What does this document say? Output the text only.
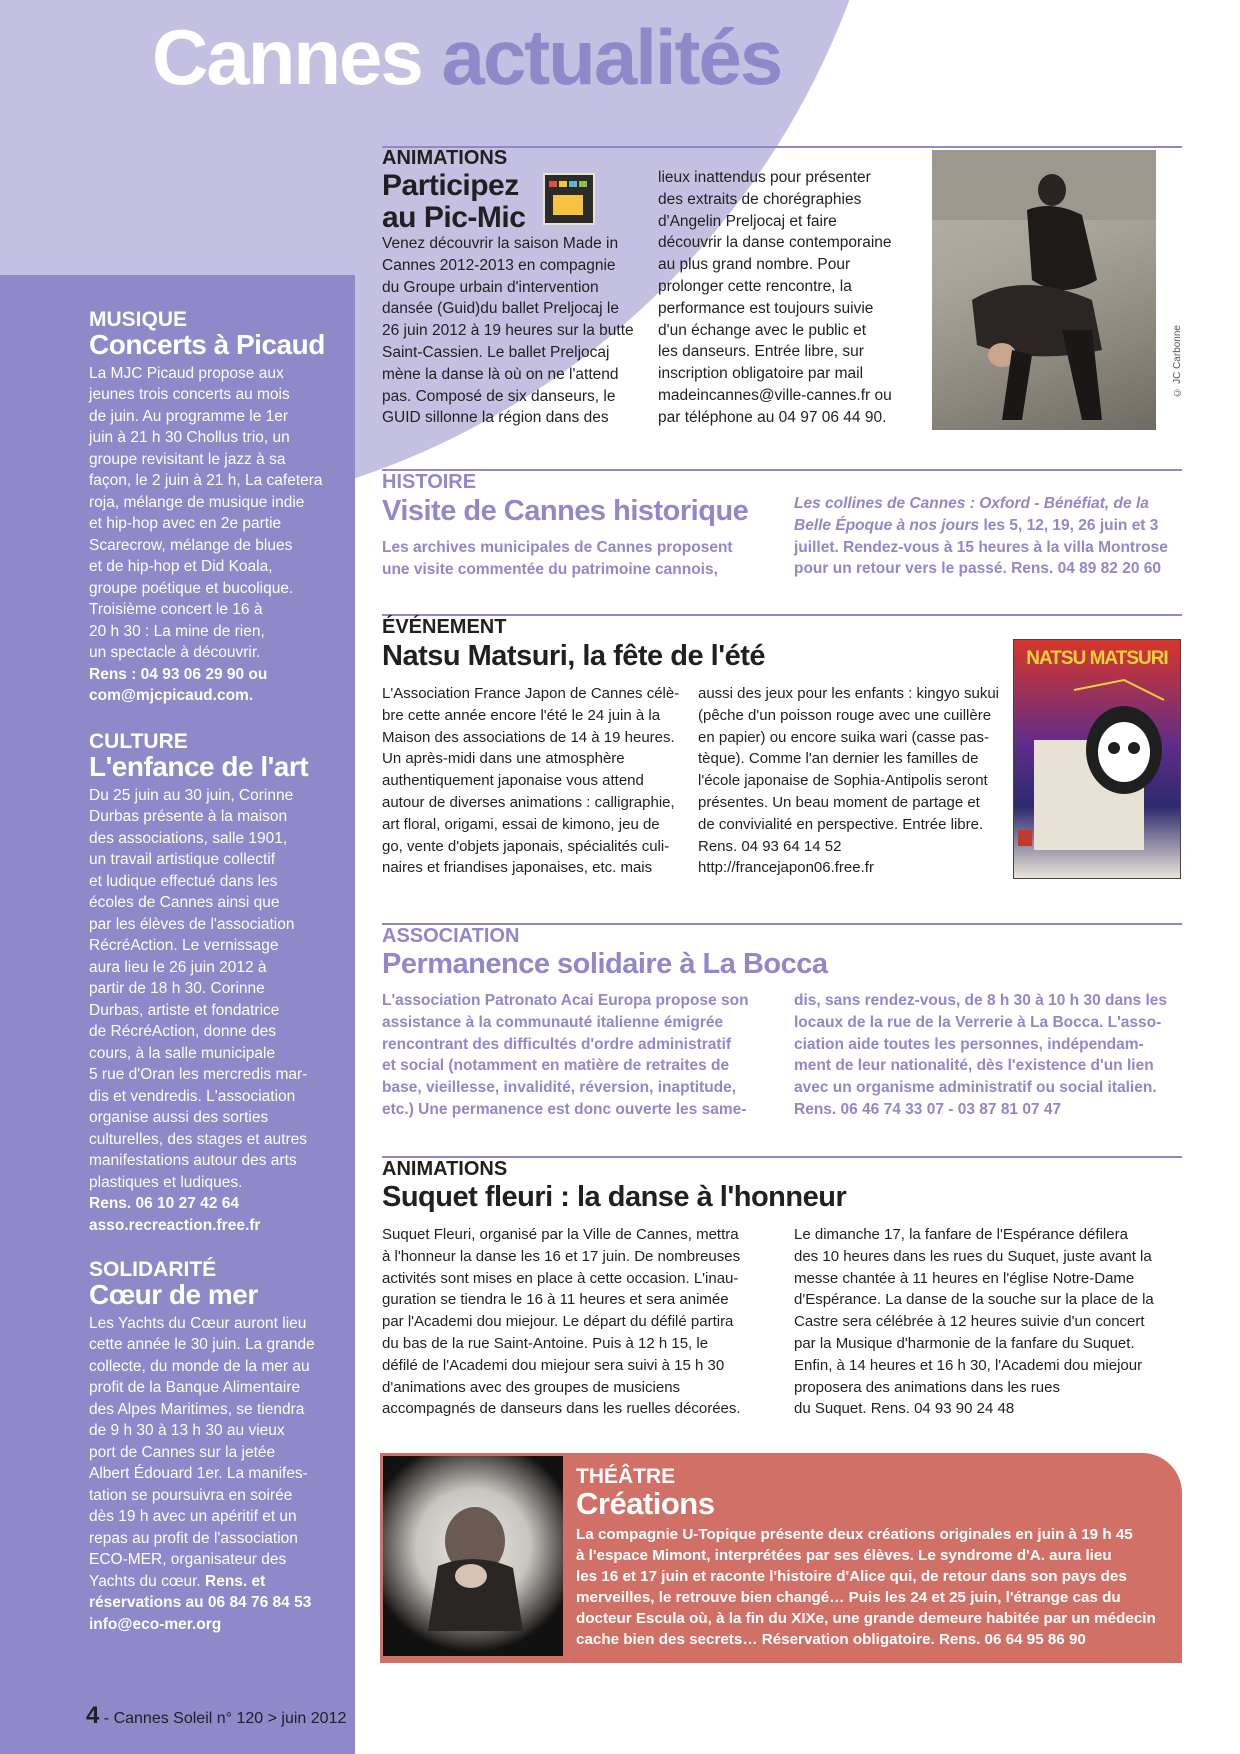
Cannes actualités
MUSIQUE
Concerts à Picaud
La MJC Picaud propose aux
jeunes trois concerts au mois
de juin. Au programme le 1er
juin à 21 h 30 Chollus trio, un
groupe revisitant le jazz à sa
façon, le 2 juin à 21 h, La cafetera
roja, mélange de musique indie
et hip-hop avec en 2e partie
Scarecrow, mélange de blues
et de hip-hop et Did Koala,
groupe poétique et bucolique.
Troisième concert le 16 à
20 h 30 : La mine de rien,
un spectacle à découvrir.
Rens : 04 93 06 29 90 ou
com@mjcpicaud.com.
CULTURE
L'enfance de l'art
Du 25 juin au 30 juin, Corinne
Durbas présente à la maison
des associations, salle 1901,
un travail artistique collectif
et ludique effectué dans les
écoles de Cannes ainsi que
par les élèves de l'association
RécréAction. Le vernissage
aura lieu le 26 juin 2012 à
partir de 18 h 30. Corinne
Durbas, artiste et fondatrice
de RécréAction, donne des
cours, à la salle municipale
5 rue d'Oran les mercredis mar-
dis et vendredis. L'association
organise aussi des sorties
culturelles, des stages et autres
manifestations autour des arts
plastiques et ludiques.
Rens. 06 10 27 42 64
asso.recreaction.free.fr
SOLIDARITÉ
Cœur de mer
Les Yachts du Cœur auront lieu
cette année le 30 juin. La grande
collecte, du monde de la mer au
profit de la Banque Alimentaire
des Alpes Maritimes, se tiendra
de 9 h 30 à 13 h 30 au vieux
port de Cannes sur la jetée
Albert Édouard 1er. La manifes-
tation se poursuivra en soirée
dès 19 h avec un apéritif et un
repas au profit de l'association
ECO-MER, organisateur des
Yachts du cœur. Rens. et
réservations au 06 84 76 84 53
info@eco-mer.org
ANIMATIONS
Participez
au Pic-Mic
Venez découvrir la saison Made in
Cannes 2012-2013 en compagnie
du Groupe urbain d'intervention
dansée (Guid)du ballet Preljocaj le
26 juin 2012 à 19 heures sur la butte
Saint-Cassien. Le ballet Preljocaj
mène la danse là où on ne l'attend
pas. Composé de six danseurs, le
GUID sillonne la région dans des
lieux inattendus pour présenter
des extraits de chorégraphies
d'Angelin Preljocaj et faire
découvrir la danse contemporaine
au plus grand nombre. Pour
prolonger cette rencontre, la
performance est toujours suivie
d'un échange avec le public et
les danseurs. Entrée libre, sur
inscription obligatoire par mail
madeincannes@ville-cannes.fr ou
par téléphone au 04 97 06 44 90.
© JC Carbonne
HISTOIRE
Visite de Cannes historique
Les archives municipales de Cannes proposent
une visite commentée du patrimoine cannois,
Les collines de Cannes : Oxford - Bénéfiat, de la
Belle Époque à nos jours les 5, 12, 19, 26 juin et 3
juillet. Rendez-vous à 15 heures à la villa Montrose
pour un retour vers le passé. Rens. 04 89 82 20 60
ÉVÉNEMENT
Natsu Matsuri, la fête de l'été
L'Association France Japon de Cannes célè-
bre cette année encore l'été le 24 juin à la
Maison des associations de 14 à 19 heures.
Un après-midi dans une atmosphère
authentiquement japonaise vous attend
autour de diverses animations : calligraphie,
art floral, origami, essai de kimono, jeu de
go, vente d'objets japonais, spécialités culi-
naires et friandises japonaises, etc. mais
aussi des jeux pour les enfants : kingyo sukui
(pêche d'un poisson rouge avec une cuillère
en papier) ou encore suika wari (casse pas-
tèque). Comme l'an dernier les familles de
l'école japonaise de Sophia-Antipolis seront
présentes. Un beau moment de partage et
de convivialité en perspective. Entrée libre.
Rens. 04 93 64 14 52
http://francejapon06.free.fr
NATSU MATSURI
ASSOCIATION
Permanence solidaire à La Bocca
L'association Patronato Acai Europa propose son
assistance à la communauté italienne émigrée
rencontrant des difficultés d'ordre administratif
et social (notamment en matière de retraites de
base, vieillesse, invalidité, réversion, inaptitude,
etc.) Une permanence est donc ouverte les same-
dis, sans rendez-vous, de 8 h 30 à 10 h 30 dans les
locaux de la rue de la Verrerie à La Bocca. L'asso-
ciation aide toutes les personnes, indépendam-
ment de leur nationalité, dès l'existence d'un lien
avec un organisme administratif ou social italien.
Rens. 06 46 74 33 07 - 03 87 81 07 47
ANIMATIONS
Suquet fleuri : la danse à l'honneur
Suquet Fleuri, organisé par la Ville de Cannes, mettra
à l'honneur la danse les 16 et 17 juin. De nombreuses
activités sont mises en place à cette occasion. L'inau-
guration se tiendra le 16 à 11 heures et sera animée
par l'Academi dou miejour. Le départ du défilé partira
du bas de la rue Saint-Antoine. Puis à 12 h 15, le
défilé de l'Academi dou miejour sera suivi à 15 h 30
d'animations avec des groupes de musiciens
accompagnés de danseurs dans les ruelles décorées.
Le dimanche 17, la fanfare de l'Espérance défilera
des 10 heures dans les rues du Suquet, juste avant la
messe chantée à 11 heures en l'église Notre-Dame
d'Espérance. La danse de la souche sur la place de la
Castre sera célébrée à 12 heures suivie d'un concert
par la Musique d'harmonie de la fanfare du Suquet.
Enfin, à 14 heures et 16 h 30, l'Academi dou miejour
proposera des animations dans les rues
du Suquet. Rens. 04 93 90 24 48
THÉÂTRE
Créations
La compagnie U-Topique présente deux créations originales en juin à 19 h 45
à l'espace Mimont, interprétées par ses élèves. Le syndrome d'A. aura lieu
les 16 et 17 juin et raconte l'histoire d'Alice qui, de retour dans son pays des
merveilles, le retrouve bien changé… Puis les 24 et 25 juin, l'étrange cas du
docteur Escula où, à la fin du XIXe, une grande demeure habitée par un médecin
cache bien des secrets… Réservation obligatoire. Rens. 06 64 95 86 90
4 - Cannes Soleil n° 120 > juin 2012
